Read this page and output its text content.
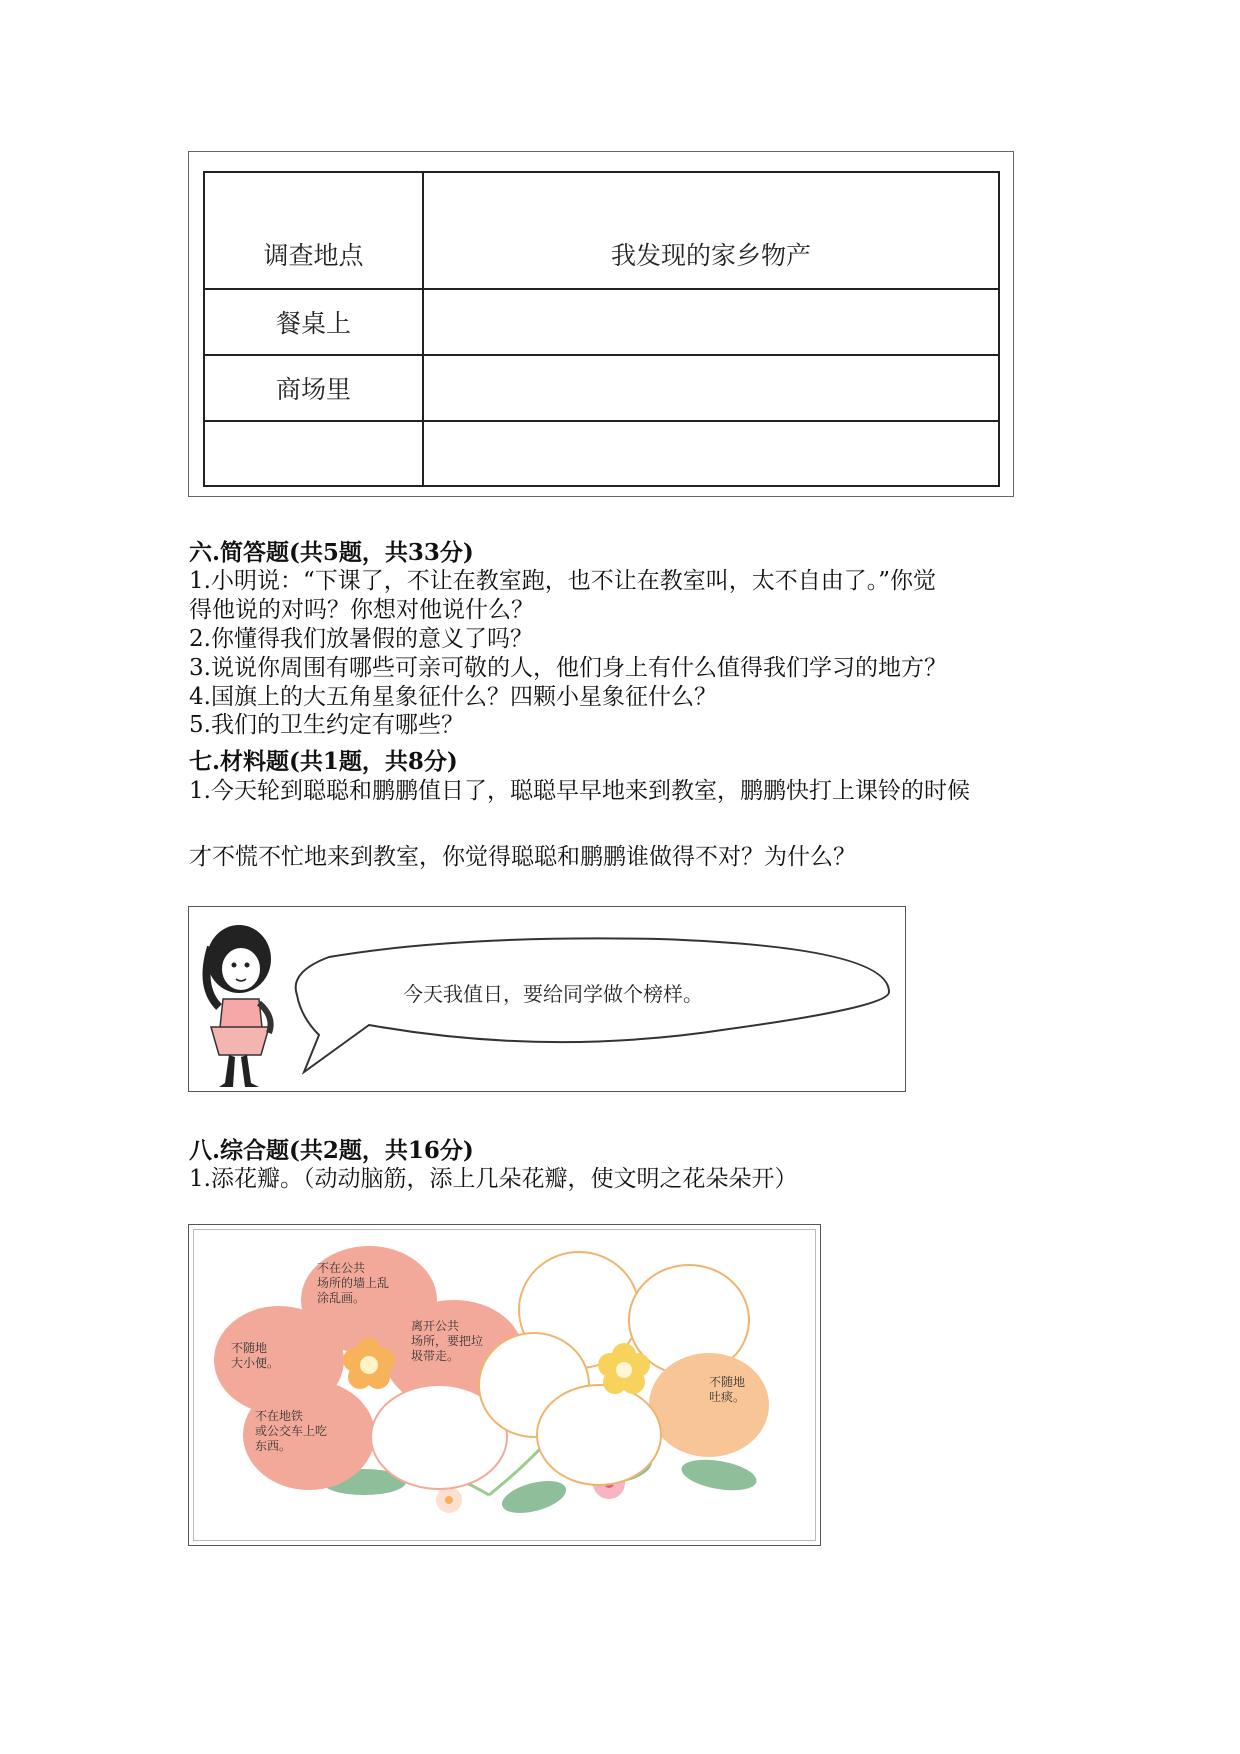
调查地点	我发现的家乡物产
餐桌上	
商场里	

六.简答题(共5题，共33分)
1.小明说：“下课了，不让在教室跑，也不让在教室叫，太不自由了。”你觉
得他说的对吗？你想对他说什么？
2.你懂得我们放暑假的意义了吗？
3.说说你周围有哪些可亲可敬的人，他们身上有什么值得我们学习的地方？
4.国旗上的大五角星象征什么？四颗小星象征什么？
5.我们的卫生约定有哪些？
七.材料题(共1题，共8分)
1.今天轮到聪聪和鹏鹏值日了，聪聪早早地来到教室，鹏鹏快打上课铃的时候
才不慌不忙地来到教室，你觉得聪聪和鹏鹏谁做得不对？为什么？
今天我值日，要给同学做个榜样。
八.综合题(共2题，共16分)
1.添花瓣。（动动脑筋，添上几朵花瓣，使文明之花朵朵开）
不在公共
场所的墙上乱
涂乱画。
不随地
大小便。
离开公共
场所，要把垃
圾带走。
不在地铁
或公交车上吃
东西。
不随地
吐痰。
